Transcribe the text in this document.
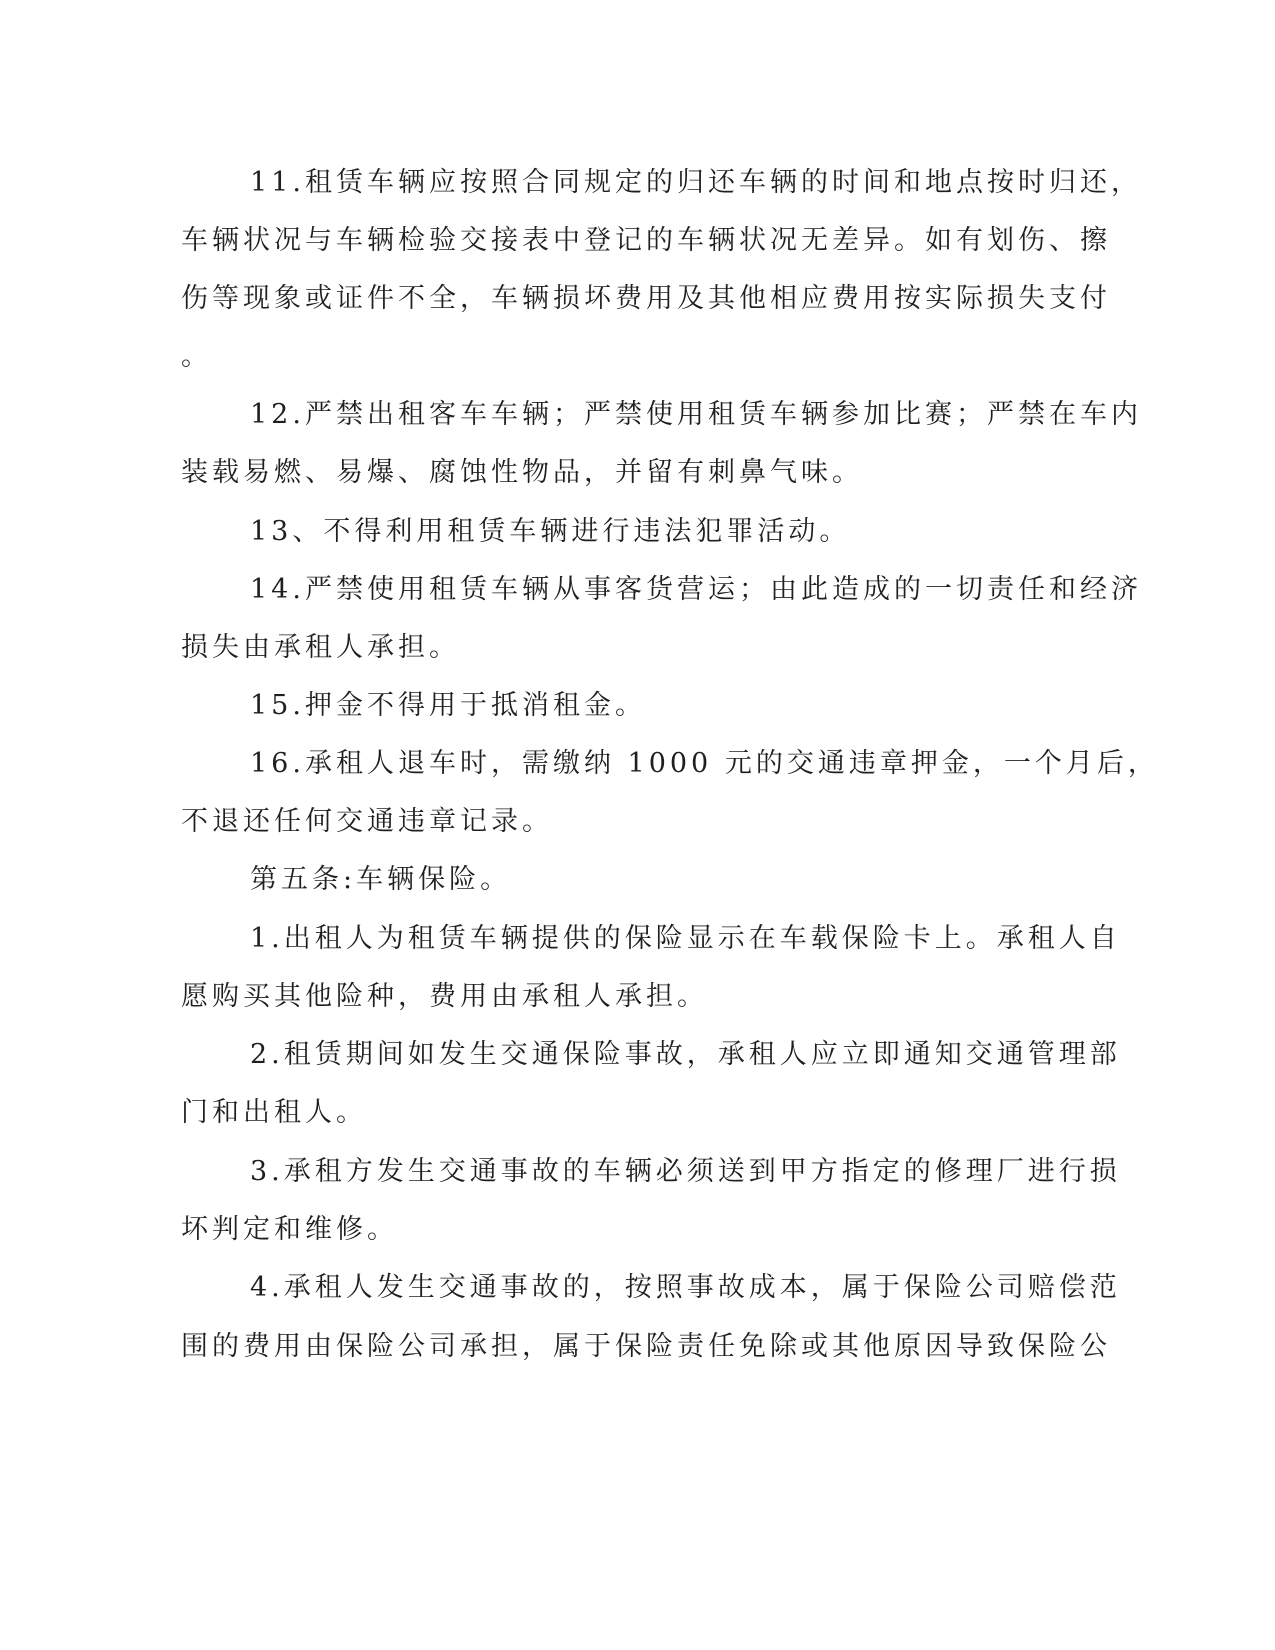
11.租赁车辆应按照合同规定的归还车辆的时间和地点按时归还，
车辆状况与车辆检验交接表中登记的车辆状况无差异。如有划伤、擦
伤等现象或证件不全，车辆损坏费用及其他相应费用按实际损失支付
。
12.严禁出租客车车辆；严禁使用租赁车辆参加比赛；严禁在车内
装载易燃、易爆、腐蚀性物品，并留有刺鼻气味。
13、不得利用租赁车辆进行违法犯罪活动。
14.严禁使用租赁车辆从事客货营运；由此造成的一切责任和经济
损失由承租人承担。
15.押金不得用于抵消租金。
16.承租人退车时，需缴纳 1000 元的交通违章押金，一个月后，
不退还任何交通违章记录。
第五条:车辆保险。
1.出租人为租赁车辆提供的保险显示在车载保险卡上。承租人自
愿购买其他险种，费用由承租人承担。
2.租赁期间如发生交通保险事故，承租人应立即通知交通管理部
门和出租人。
3.承租方发生交通事故的车辆必须送到甲方指定的修理厂进行损
坏判定和维修。
4.承租人发生交通事故的，按照事故成本，属于保险公司赔偿范
围的费用由保险公司承担，属于保险责任免除或其他原因导致保险公
